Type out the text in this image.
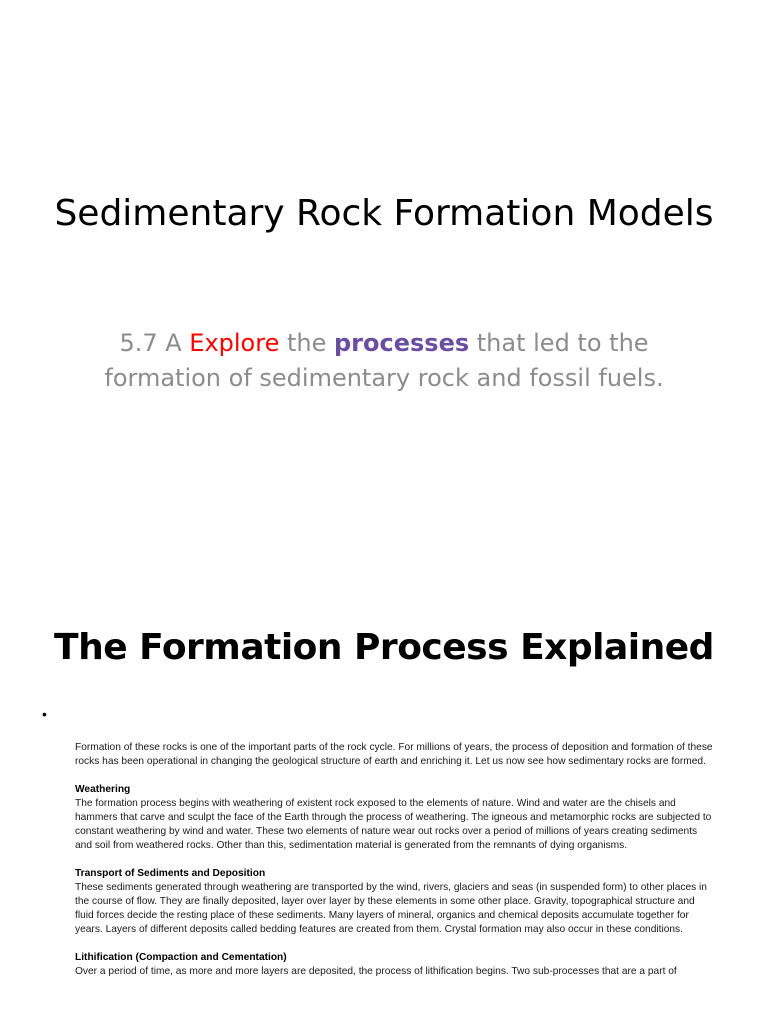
Sedimentary Rock Formation Models

5.7 A Explore the processes that led to the formation of sedimentary rock and fossil fuels.

The Formation Process Explained
•

Formation of these rocks is one of the important parts of the rock cycle. For millions of years, the process of deposition and formation of these rocks has been operational in changing the geological structure of earth and enriching it. Let us now see how sedimentary rocks are formed.

Weathering
The formation process begins with weathering of existent rock exposed to the elements of nature. Wind and water are the chisels and hammers that carve and sculpt the face of the Earth through the process of weathering. The igneous and metamorphic rocks are subjected to constant weathering by wind and water. These two elements of nature wear out rocks over a period of millions of years creating sediments and soil from weathered rocks. Other than this, sedimentation material is generated from the remnants of dying organisms.

Transport of Sediments and Deposition
These sediments generated through weathering are transported by the wind, rivers, glaciers and seas (in suspended form) to other places in the course of flow. They are finally deposited, layer over layer by these elements in some other place. Gravity, topographical structure and fluid forces decide the resting place of these sediments. Many layers of mineral, organics and chemical deposits accumulate together for years. Layers of different deposits called bedding features are created from them. Crystal formation may also occur in these conditions.

Lithification (Compaction and Cementation)
Over a period of time, as more and more layers are deposited, the process of lithification begins. Two sub-processes that are a part of
